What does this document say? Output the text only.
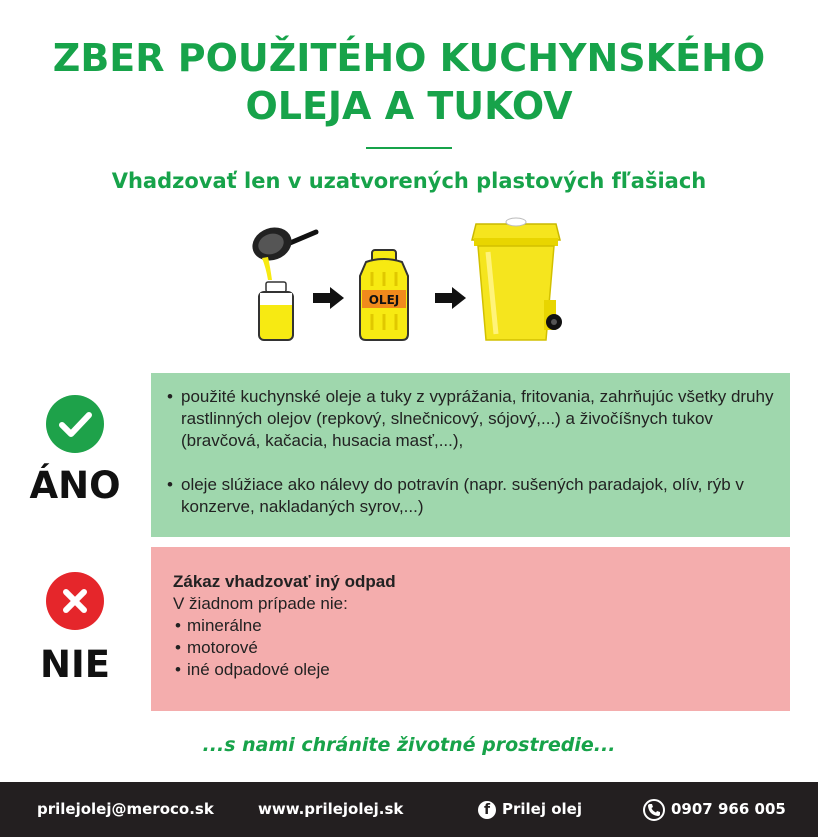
ZBER POUŽITÉHO KUCHYNSKÉHO
OLEJA A TUKOV
Vhadzovať len v uzatvorených plastových fľašiach
OLEJ
ÁNO
• použité kuchynské oleje a tuky z vyprážania, fritovania, zahrňujúc všetky druhy rastlinných olejov (repkový, slnečnicový, sójový,...) a živočíšnych tukov (bravčová, kačacia, husacia masť,...),
• oleje slúžiace ako nálevy do potravín (napr. sušených paradajok, olív, rýb v konzerve, nakladaných syrov,...)
NIE
Zákaz vhadzovať iný odpad
V žiadnom prípade nie:
• minerálne
• motorové
• iné odpadové oleje
...s nami chránite životné prostredie...
prilejolej@meroco.sk	www.prilejolej.sk	f Prilej olej	0907 966 005
